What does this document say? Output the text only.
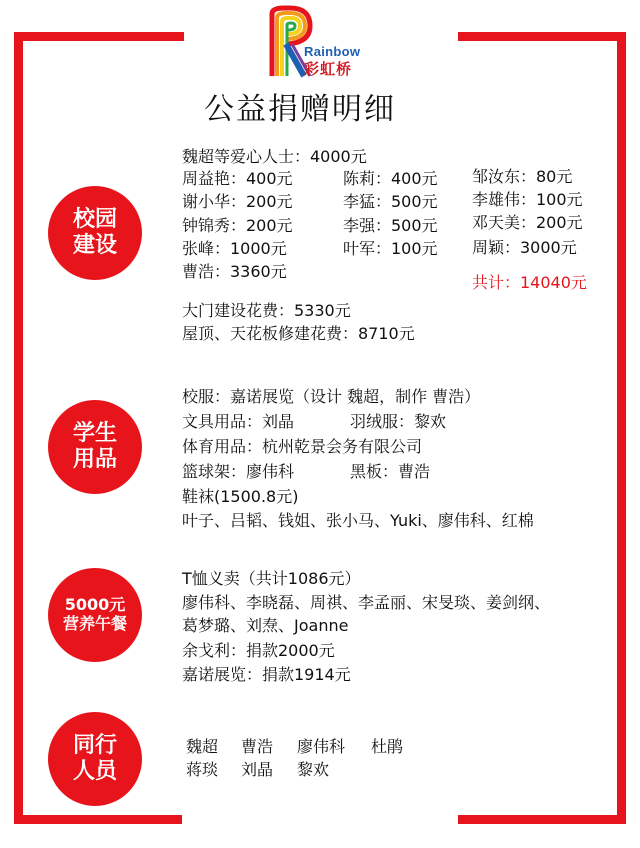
Rainbow
彩虹桥
公益捐赠明细
校园
建设
魏超等爱心人士：4000元
周益艳：400元	陈莉：400元 邹汝东：80元
谢小华：200元	李猛：500元 李雄伟：100元
钟锦秀：200元	李强：500元 邓天美：200元
张峰：1000元	叶军：100元 周颖：3000元
曹浩：3360元
共计：14040元
大门建设花费：5330元
屋顶、天花板修建花费：8710元
学生
用品
校服：嘉诺展览（设计 魏超，制作 曹浩）
文具用品：刘晶	羽绒服：黎欢
体育用品：杭州乾景会务有限公司
篮球架：廖伟科	黑板：曹浩
鞋袜(1500.8元)
叶子、吕韬、钱姐、张小马、Yuki、廖伟科、红棉
5000元
营养午餐
T恤义卖（共计1086元）
廖伟科、李晓磊、周祺、李孟丽、宋旻琰、姜剑纲、
葛梦璐、刘焘、Joanne
余戈利：捐款2000元
嘉诺展览：捐款1914元
同行
人员
魏超 曹浩 廖伟科 杜鹃
蒋琰 刘晶 黎欢
